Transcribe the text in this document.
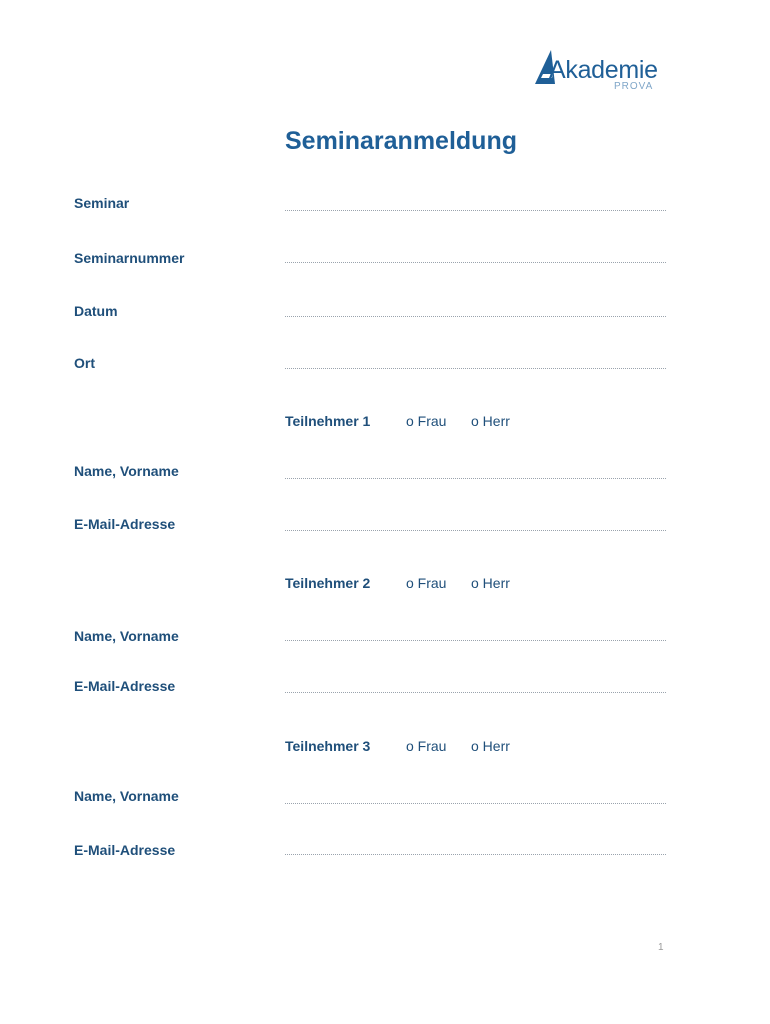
Akademie
PROVA
Seminaranmeldung
Seminar
Seminarnummer
Datum
Ort
Teilnehmer 1	o Frau o Herr
Name, Vorname
E-Mail-Adresse
Teilnehmer 2	o Frau o Herr
Name, Vorname
E-Mail-Adresse
Teilnehmer 3	o Frau o Herr
Name, Vorname
E-Mail-Adresse
1
